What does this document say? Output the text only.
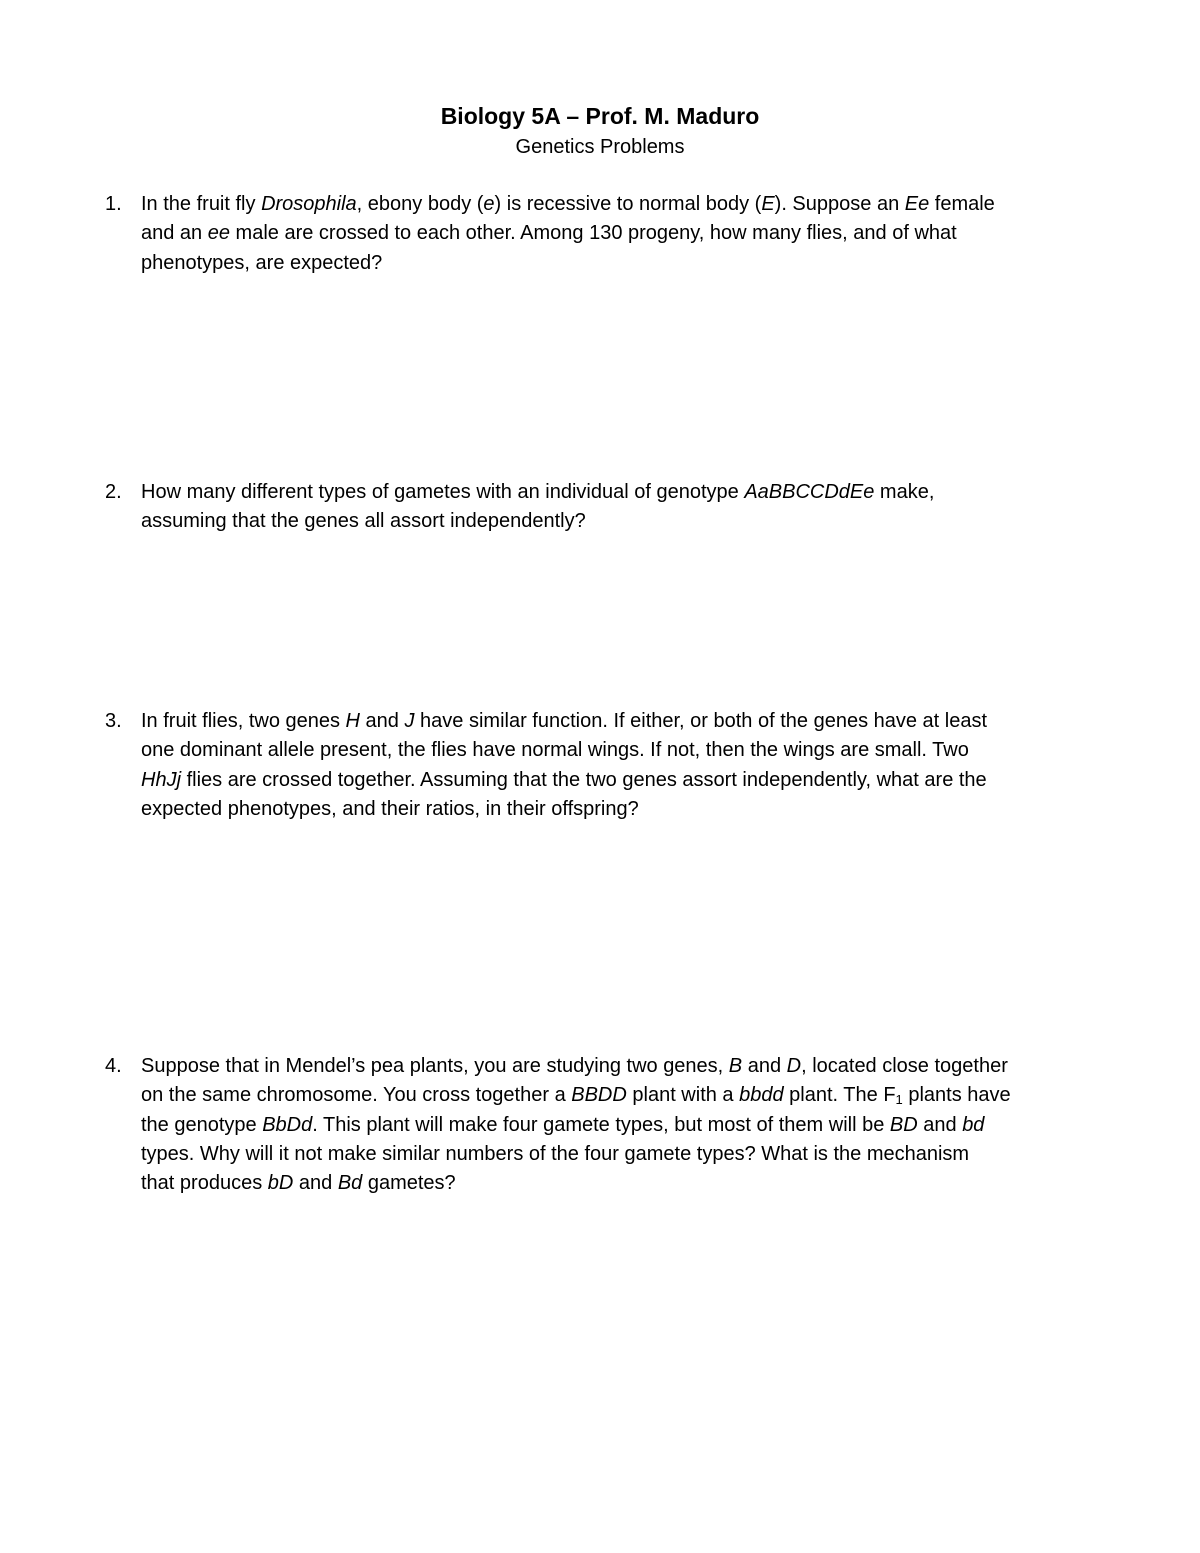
Biology 5A – Prof. M. Maduro
Genetics Problems
1. In the fruit fly Drosophila, ebony body (e) is recessive to normal body (E). Suppose an Ee female
and an ee male are crossed to each other. Among 130 progeny, how many flies, and of what
phenotypes, are expected?
2. How many different types of gametes with an individual of genotype AaBBCCDdEe make,
assuming that the genes all assort independently?
3. In fruit flies, two genes H and J have similar function. If either, or both of the genes have at least
one dominant allele present, the flies have normal wings. If not, then the wings are small. Two
HhJj flies are crossed together. Assuming that the two genes assort independently, what are the
expected phenotypes, and their ratios, in their offspring?
4. Suppose that in Mendel’s pea plants, you are studying two genes, B and D, located close together
on the same chromosome. You cross together a BBDD plant with a bbdd plant. The $F_1$ plants have
the genotype BbDd. This plant will make four gamete types, but most of them will be BD and bd
types. Why will it not make similar numbers of the four gamete types? What is the mechanism
that produces bD and Bd gametes?
